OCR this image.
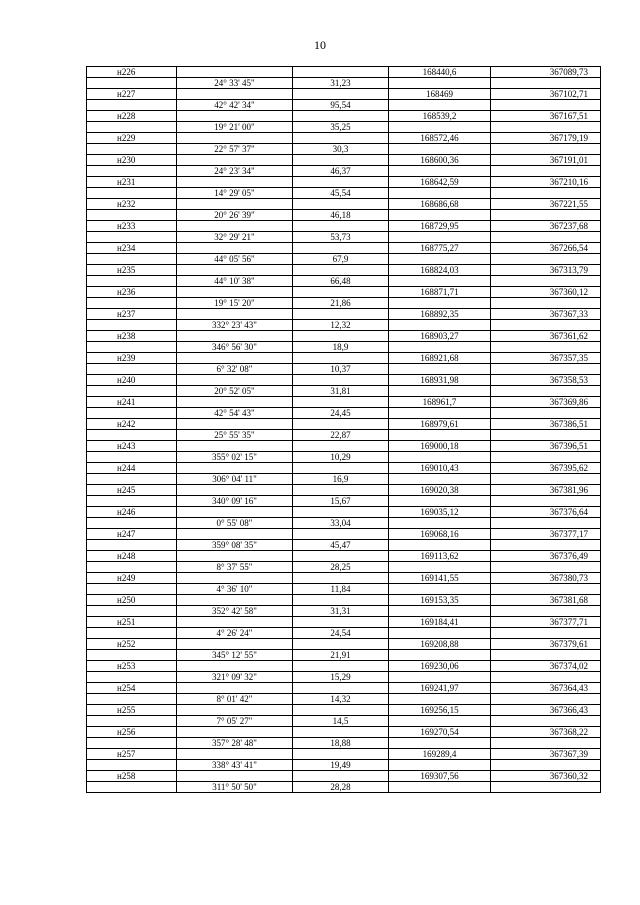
10
н226			168440,6	367089,73
	24° 33' 45"	31,23		
н227			168469	367102,71
	42° 42' 34"	95,54		
н228			168539,2	367167,51
	19° 21' 00"	35,25		
н229			168572,46	367179,19
	22° 57' 37"	30,3		
н230			168600,36	367191,01
	24° 23' 34"	46,37		
н231			168642,59	367210,16
	14° 29' 05"	45,54		
н232			168686,68	367221,55
	20° 26' 39"	46,18		
н233			168729,95	367237,68
	32° 29' 21"	53,73		
н234			168775,27	367266,54
	44° 05' 56"	67,9		
н235			168824,03	367313,79
	44° 10' 38"	66,48		
н236			168871,71	367360,12
	19° 15' 20"	21,86		
н237			168892,35	367367,33
	332° 23' 43"	12,32		
н238			168903,27	367361,62
	346° 56' 30"	18,9		
н239			168921,68	367357,35
	6° 32' 08"	10,37		
н240			168931,98	367358,53
	20° 52' 05"	31,81		
н241			168961,7	367369,86
	42° 54' 43"	24,45		
н242			168979,61	367386,51
	25° 55' 35"	22,87		
н243			169000,18	367396,51
	355° 02' 15"	10,29		
н244			169010,43	367395,62
	306° 04' 11"	16,9		
н245			169020,38	367381,96
	340° 09' 16"	15,67		
н246			169035,12	367376,64
	0° 55' 08"	33,04		
н247			169068,16	367377,17
	359° 08' 35"	45,47		
н248			169113,62	367376,49
	8° 37' 55"	28,25		
н249			169141,55	367380,73
	4° 36' 10"	11,84		
н250			169153,35	367381,68
	352° 42' 58"	31,31		
н251			169184,41	367377,71
	4° 26' 24"	24,54		
н252			169208,88	367379,61
	345° 12' 55"	21,91		
н253			169230,06	367374,02
	321° 09' 32"	15,29		
н254			169241,97	367364,43
	8° 01' 42"	14,32		
н255			169256,15	367366,43
	7° 05' 27"	14,5		
н256			169270,54	367368,22
	357° 28' 48"	18,88		
н257			169289,4	367367,39
	338° 43' 41"	19,49		
н258			169307,56	367360,32
	311° 50' 50"	28,28		
